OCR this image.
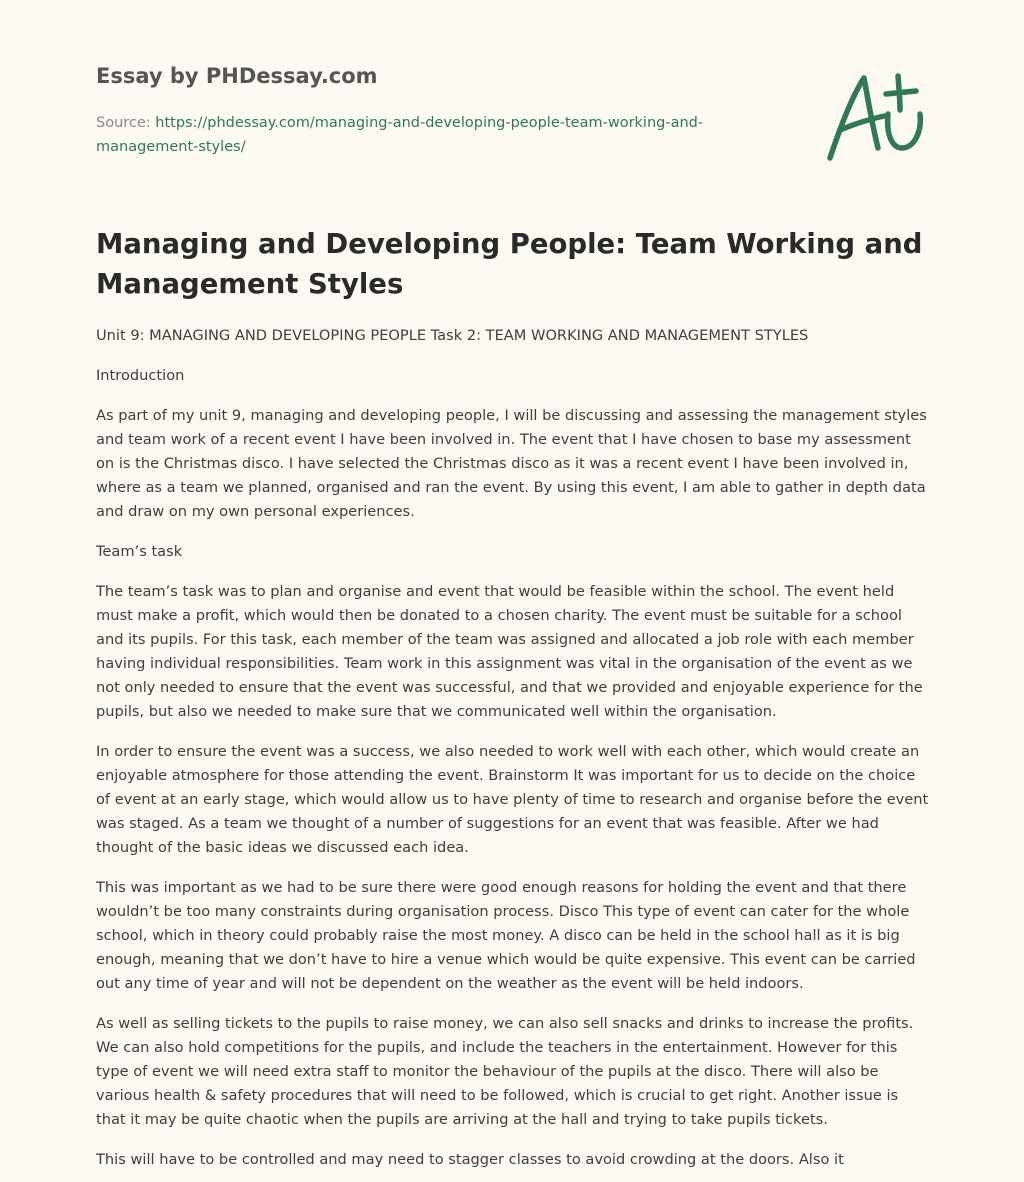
Essay by PHDessay.com
Source: https://phdessay.com/managing-and-developing-people-team-working-and-management-styles/
Managing and Developing People: Team Working and Management Styles

Unit 9: MANAGING AND DEVELOPING PEOPLE Task 2: TEAM WORKING AND MANAGEMENT STYLES

Introduction

As part of my unit 9, managing and developing people, I will be discussing and assessing the management styles and team work of a recent event I have been involved in. The event that I have chosen to base my assessment on is the Christmas disco. I have selected the Christmas disco as it was a recent event I have been involved in, where as a team we planned, organised and ran the event. By using this event, I am able to gather in depth data and draw on my own personal experiences.

Team’s task

The team’s task was to plan and organise and event that would be feasible within the school. The event held must make a profit, which would then be donated to a chosen charity. The event must be suitable for a school and its pupils. For this task, each member of the team was assigned and allocated a job role with each member having individual responsibilities. Team work in this assignment was vital in the organisation of the event as we not only needed to ensure that the event was successful, and that we provided and enjoyable experience for the pupils, but also we needed to make sure that we communicated well within the organisation.

In order to ensure the event was a success, we also needed to work well with each other, which would create an enjoyable atmosphere for those attending the event. Brainstorm It was important for us to decide on the choice of event at an early stage, which would allow us to have plenty of time to research and organise before the event was staged. As a team we thought of a number of suggestions for an event that was feasible. After we had thought of the basic ideas we discussed each idea.

This was important as we had to be sure there were good enough reasons for holding the event and that there wouldn’t be too many constraints during organisation process. Disco This type of event can cater for the whole school, which in theory could probably raise the most money. A disco can be held in the school hall as it is big enough, meaning that we don’t have to hire a venue which would be quite expensive. This event can be carried out any time of year and will not be dependent on the weather as the event will be held indoors.

As well as selling tickets to the pupils to raise money, we can also sell snacks and drinks to increase the profits. We can also hold competitions for the pupils, and include the teachers in the entertainment. However for this type of event we will need extra staff to monitor the behaviour of the pupils at the disco. There will also be various health & safety procedures that will need to be followed, which is crucial to get right. Another issue is that it may be quite chaotic when the pupils are arriving at the hall and trying to take pupils tickets.

This will have to be controlled and may need to stagger classes to avoid crowding at the doors. Also it
